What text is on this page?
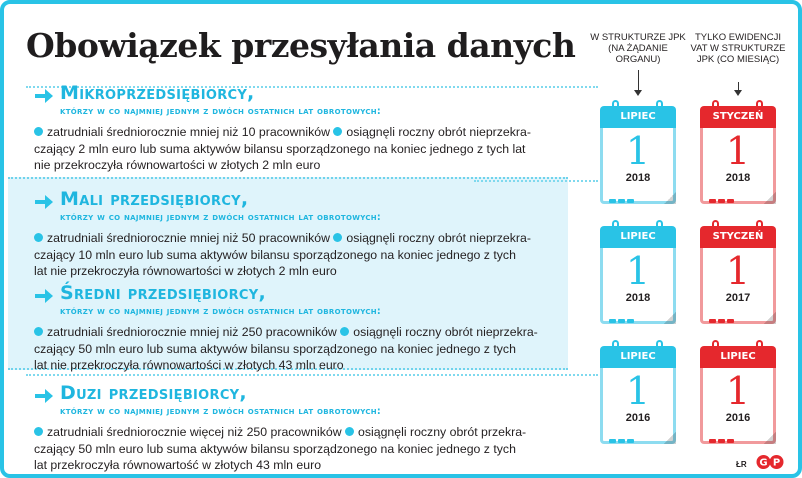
Obowiązek przesyłania danych W STRUKTURZE JPK (NA ŻĄDANIE ORGANU)
TYLKO EWIDENCJI VAT W STRUKTURZE JPK (CO MIESIĄC)
Mikroprzedsiębiorcy,
którzy w co najmniej jednym z dwóch ostatnich lat obrotowych:
zatrudniali średniorocznie mniej niż 10 pracowników osiągnęli roczny obrót nieprzekra-
czający 2 mln euro lub suma aktywów bilansu sporządzonego na koniec jednego z tych lat
nie przekroczyła równowartości w złotych 2 mln euro
Mali przedsiębiorcy,
którzy w co najmniej jednym z dwóch ostatnich lat obrotowych:
zatrudniali średniorocznie mniej niż 50 pracowników osiągnęli roczny obrót nieprzekra-
czający 10 mln euro lub suma aktywów bilansu sporządzonego na koniec jednego z tych
lat nie przekroczyła równowartości w złotych 2 mln euro
Średni przedsiębiorcy,
którzy w co najmniej jednym z dwóch ostatnich lat obrotowych:
zatrudniali średniorocznie mniej niż 250 pracowników osiągnęli roczny obrót nieprzekra-
czający 50 mln euro lub suma aktywów bilansu sporządzonego na koniec jednego z tych
lat nie przekroczyła równowartości w złotych 43 mln euro
Duzi przedsiębiorcy,
którzy w co najmniej jednym z dwóch ostatnich lat obrotowych:
zatrudniali średniorocznie więcej niż 250 pracowników osiągnęli roczny obrót przekra-
czający 50 mln euro lub suma aktywów bilansu sporządzonego na koniec jednego z tych
lat przekroczyła równowartość w złotych 43 mln euro
LIPIEC
1
2018
STYCZEŃ
1
2018
LIPIEC
1
2018
STYCZEŃ
1
2017
LIPIEC
1
2016
LIPIEC
1
2016
ŁR G P
